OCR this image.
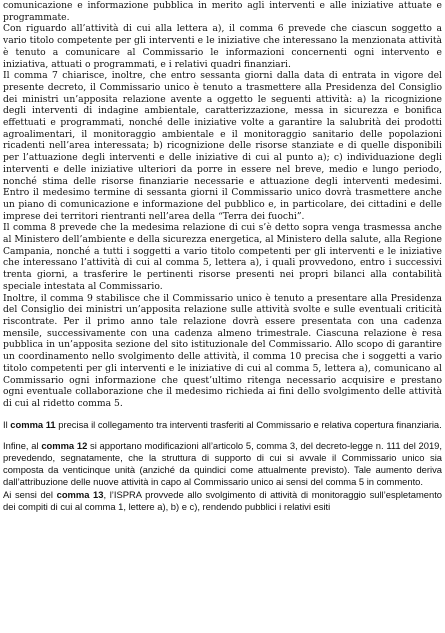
comunicazione e informazione pubblica in merito agli interventi e alle iniziative attuate e programmate.

Con riguardo all’attività di cui alla lettera a), il comma 6 prevede che ciascun soggetto a vario titolo competente per gli interventi e le iniziative che interessano la menzionata attività è tenuto a comunicare al Commissario le informazioni concernenti ogni intervento e iniziativa, attuati o programmati, e i relativi quadri finanziari.

Il comma 7 chiarisce, inoltre, che entro sessanta giorni dalla data di entrata in vigore del presente decreto, il Commissario unico è tenuto a trasmettere alla Presidenza del Consiglio dei ministri un’apposita relazione avente a oggetto le seguenti attività: a) la ricognizione degli interventi di indagine ambientale, caratterizzazione, messa in sicurezza e bonifica effettuati e programmati, nonché delle iniziative volte a garantire la salubrità dei prodotti agroalimentari, il monitoraggio ambientale e il monitoraggio sanitario delle popolazioni ricadenti nell’area interessata; b) ricognizione delle risorse stanziate e di quelle disponibili per l’attuazione degli interventi e delle iniziative di cui al punto a); c) individuazione degli interventi e delle iniziative ulteriori da porre in essere nel breve, medio e lungo periodo, nonché stima delle risorse finanziarie necessarie e attuazione degli interventi medesimi. Entro il medesimo termine di sessanta giorni il Commissario unico dovrà trasmettere anche un piano di comunicazione e informazione del pubblico e, in particolare, dei cittadini e delle imprese dei territori rientranti nell’area della “Terra dei fuochi”.

Il comma 8 prevede che la medesima relazione di cui s’è detto sopra venga trasmessa anche al Ministero dell’ambiente e della sicurezza energetica, al Ministero della salute, alla Regione Campania, nonché a tutti i soggetti a vario titolo competenti per gli interventi e le iniziative che interessano l’attività di cui al comma 5, lettera a), i quali provvedono, entro i successivi trenta giorni, a trasferire le pertinenti risorse presenti nei propri bilanci alla contabilità speciale intestata al Commissario.

Inoltre, il comma 9 stabilisce che il Commissario unico è tenuto a presentare alla Presidenza del Consiglio dei ministri un’apposita relazione sulle attività svolte e sulle eventuali criticità riscontrate. Per il primo anno tale relazione dovrà essere presentata con una cadenza mensile, successivamente con una cadenza almeno trimestrale. Ciascuna relazione è resa pubblica in un’apposita sezione del sito istituzionale del Commissario. Allo scopo di garantire un coordinamento nello svolgimento delle attività, il comma 10 precisa che i soggetti a vario titolo competenti per gli interventi e le iniziative di cui al comma 5, lettera a), comunicano al Commissario ogni informazione che quest’ultimo ritenga necessario acquisire e prestano ogni eventuale collaborazione che il medesimo richieda ai fini dello svolgimento delle attività di cui al ridetto comma 5.

Il comma 11 precisa il collegamento tra interventi trasferiti al Commissario e relativa copertura finanziaria.

Infine, al comma 12 si apportano modificazioni all’articolo 5, comma 3, del decreto-legge n. 111 del 2019, prevedendo, segnatamente, che la struttura di supporto di cui si avvale il Commissario unico sia composta da venticinque unità (anziché da quindici come attualmente previsto). Tale aumento deriva dall’attribuzione delle nuove attività in capo al Commissario unico ai sensi del comma 5 in commento.

Ai sensi del comma 13, l’ISPRA provvede allo svolgimento di attività di monitoraggio sull’espletamento dei compiti di cui al comma 1, lettere a), b) e c), rendendo pubblici i relativi esiti
